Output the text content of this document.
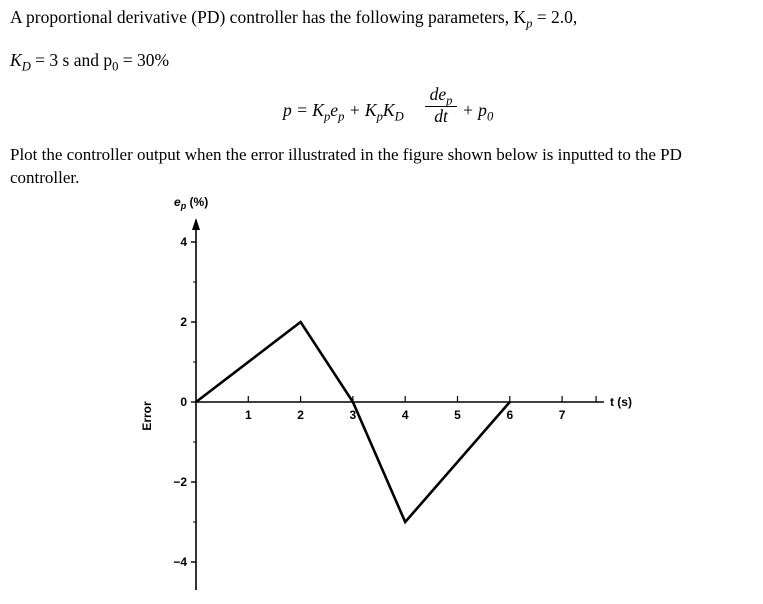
A proportional derivative (PD) controller has the following parameters, $K_p = 2.0$,
$K_D = 3$ s and $p_0 = 30\%$
$p = K_pe_p + K_pK_D$
$de_p$
dt + $p_0$
Plot the controller output when the error illustrated in the figure shown below is inputted to the PD
controller.
4
2
0
−2
−4
1	2	3	4	5	6	7
$e_p$ (%)
Error	t (s)
